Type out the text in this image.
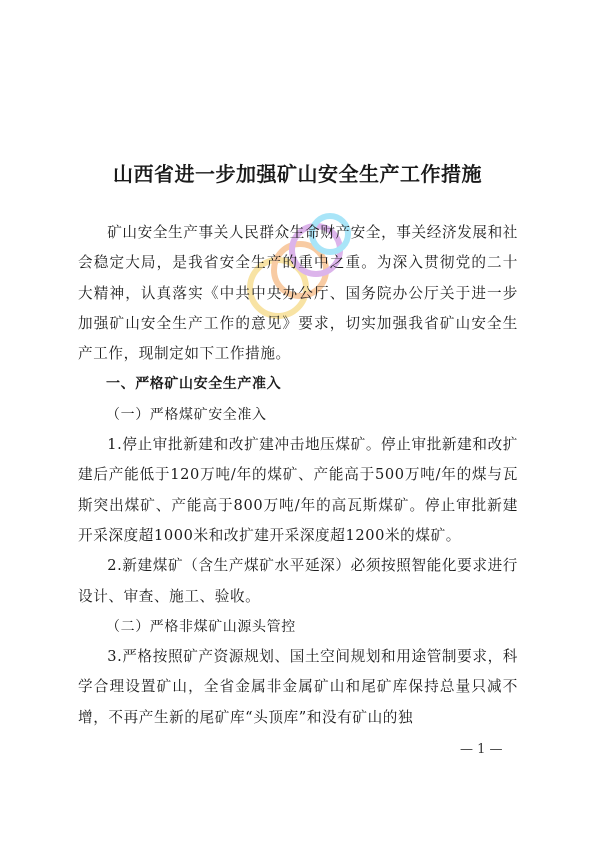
山西省进一步加强矿山安全生产工作措施

矿山安全生产事关人民群众生命财产安全，事关经济发展和社会稳定大局，是我省安全生产的重中之重。为深入贯彻党的二十大精神，认真落实《中共中央办公厅、国务院办公厅关于进一步加强矿山安全生产工作的意见》要求，切实加强我省矿山安全生产工作，现制定如下工作措施。

一、严格矿山安全生产准入

（一）严格煤矿安全准入

1.停止审批新建和改扩建冲击地压煤矿。停止审批新建和改扩建后产能低于120万吨/年的煤矿、产能高于500万吨/年的煤与瓦斯突出煤矿、产能高于800万吨/年的高瓦斯煤矿。停止审批新建开采深度超1000米和改扩建开采深度超1200米的煤矿。

2.新建煤矿（含生产煤矿水平延深）必须按照智能化要求进行设计、审查、施工、验收。

（二）严格非煤矿山源头管控

3.严格按照矿产资源规划、国土空间规划和用途管制要求，科学合理设置矿山，全省金属非金属矿山和尾矿库保持总量只减不增，不再产生新的尾矿库“头顶库”和没有矿山的独

— 1 —
